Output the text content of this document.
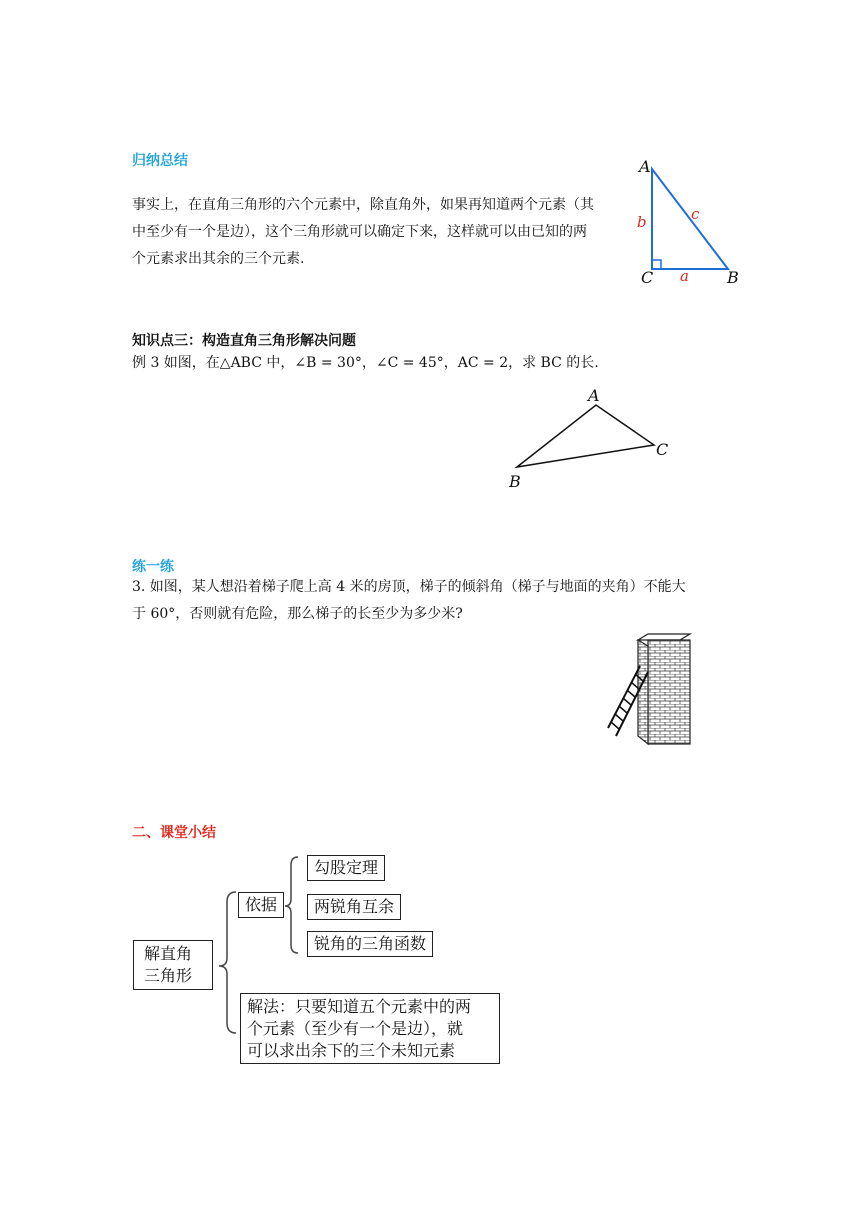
归纳总结
事实上，在直角三角形的六个元素中，除直角外，如果再知道两个元素（其
中至少有一个是边），这个三角形就可以确定下来，这样就可以由已知的两
个元素求出其余的三个元素.
A
C	B
b	c
a
知识点三：构造直角三角形解决问题
例 3 如图，在△ABC 中，∠B = 30°，∠C = 45°，AC = 2，求 BC 的长.
A
B
C
练一练
3. 如图，某人想沿着梯子爬上高 4 米的房顶，梯子的倾斜角（梯子与地面的夹角）不能大
于 60°，否则就有危险，那么梯子的长至少为多少米?
二、课堂小结
解直角
三角形
依据
勾股定理
两锐角互余
锐角的三角函数
解法：只要知道五个元素中的两
个元素（至少有一个是边），就
可以求出余下的三个未知元素
